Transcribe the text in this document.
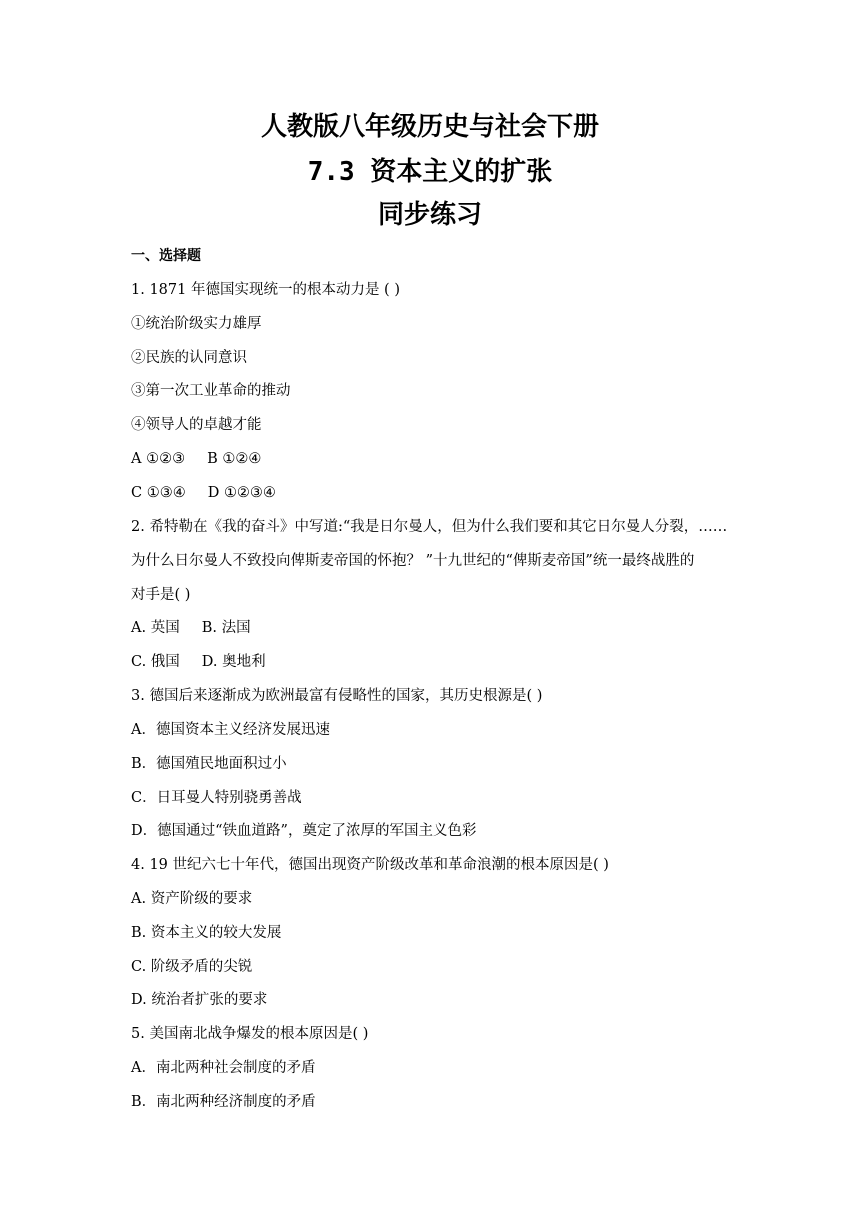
人教版八年级历史与社会下册
7.3 资本主义的扩张
同步练习
一、选择题
1. 1871 年德国实现统一的根本动力是 ( )
①统治阶级实力雄厚
②民族的认同意识
③第一次工业革命的推动
④领导人的卓越才能
A ①②③ B ①②④
C ①③④ D ①②③④
2. 希特勒在《我的奋斗》中写道:“我是日尔曼人，但为什么我们要和其它日尔曼人分裂，……
为什么日尔曼人不致投向俾斯麦帝国的怀抱？ ”十九世纪的“俾斯麦帝国”统一最终战胜的
对手是( )
A. 英国 B. 法国
C. 俄国 D. 奥地利
3. 德国后来逐渐成为欧洲最富有侵略性的国家，其历史根源是( )
A．德国资本主义经济发展迅速
B．德国殖民地面积过小
C．日耳曼人特别骁勇善战
D．德国通过“铁血道路”，奠定了浓厚的军国主义色彩
4. 19 世纪六七十年代，德国出现资产阶级改革和革命浪潮的根本原因是( )
A. 资产阶级的要求
B. 资本主义的较大发展
C. 阶级矛盾的尖锐
D. 统治者扩张的要求
5. 美国南北战争爆发的根本原因是( )
A．南北两种社会制度的矛盾
B．南北两种经济制度的矛盾
